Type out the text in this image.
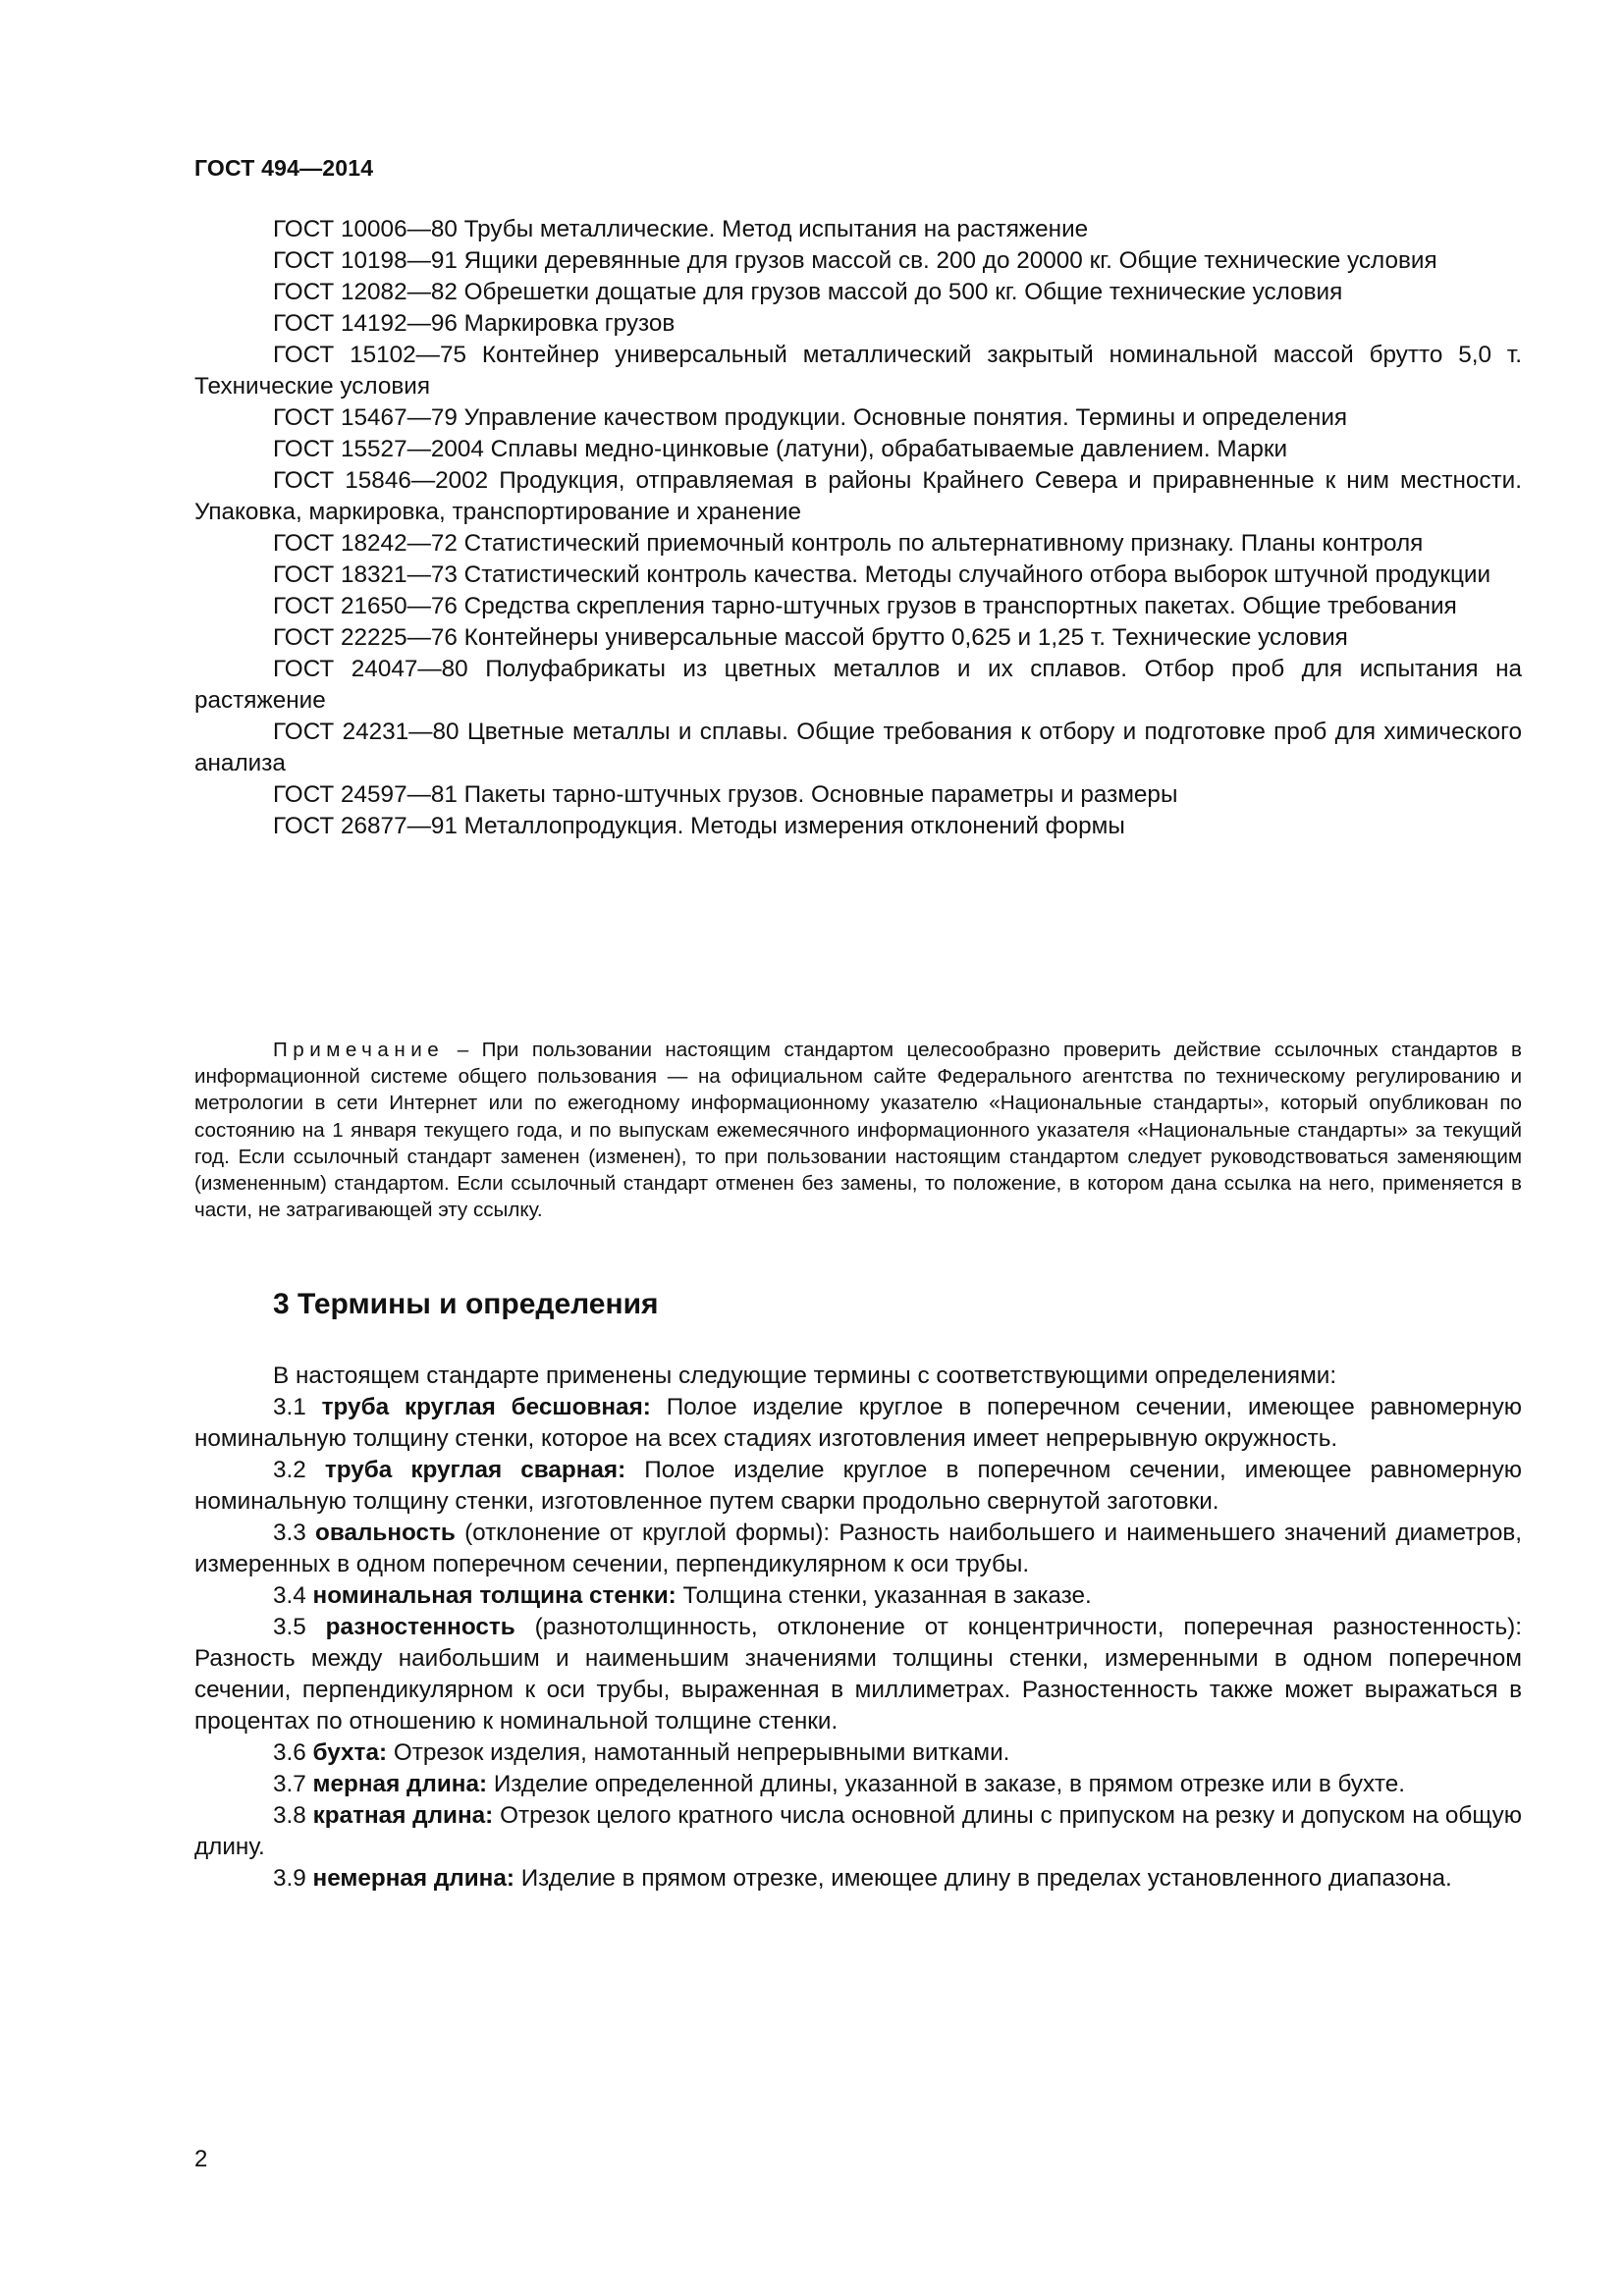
ГОСТ 494—2014

ГОСТ 10006—80 Трубы металлические. Метод испытания на растяжение

ГОСТ 10198—91 Ящики деревянные для грузов массой св. 200 до 20000 кг. Общие технические условия

ГОСТ 12082—82 Обрешетки дощатые для грузов массой до 500 кг. Общие технические условия

ГОСТ 14192—96 Маркировка грузов

ГОСТ 15102—75 Контейнер универсальный металлический закрытый номинальной массой брутто 5,0 т. Технические условия

ГОСТ 15467—79 Управление качеством продукции. Основные понятия. Термины и определения

ГОСТ 15527—2004 Сплавы медно-цинковые (латуни), обрабатываемые давлением. Марки

ГОСТ 15846—2002 Продукция, отправляемая в районы Крайнего Севера и приравненные к ним местности. Упаковка, маркировка, транспортирование и хранение

ГОСТ 18242—72 Статистический приемочный контроль по альтернативному признаку. Планы контроля

ГОСТ 18321—73 Статистический контроль качества. Методы случайного отбора выборок штучной продукции

ГОСТ 21650—76 Средства скрепления тарно-штучных грузов в транспортных пакетах. Общие требования

ГОСТ 22225—76 Контейнеры универсальные массой брутто 0,625 и 1,25 т. Технические условия

ГОСТ 24047—80 Полуфабрикаты из цветных металлов и их сплавов. Отбор проб для испытания на растяжение

ГОСТ 24231—80 Цветные металлы и сплавы. Общие требования к отбору и подготовке проб для химического анализа

ГОСТ 24597—81 Пакеты тарно-штучных грузов. Основные параметры и размеры

ГОСТ 26877—91 Металлопродукция. Методы измерения отклонений формы

Примечание – При пользовании настоящим стандартом целесообразно проверить действие ссылочных стандартов в информационной системе общего пользования — на официальном сайте Федерального агентства по техническому регулированию и метрологии в сети Интернет или по ежегодному информационному указателю «Национальные стандарты», который опубликован по состоянию на 1 января текущего года, и по выпускам ежемесячного информационного указателя «Национальные стандарты» за текущий год. Если ссылочный стандарт заменен (изменен), то при пользовании настоящим стандартом следует руководствоваться заменяющим (измененным) стандартом. Если ссылочный стандарт отменен без замены, то положение, в котором дана ссылка на него, применяется в части, не затрагивающей эту ссылку.
3 Термины и определения

В настоящем стандарте применены следующие термины с соответствующими определениями:

3.1 труба круглая бесшовная: Полое изделие круглое в поперечном сечении, имеющее равномерную номинальную толщину стенки, которое на всех стадиях изготовления имеет непрерывную окружность.

3.2 труба круглая сварная: Полое изделие круглое в поперечном сечении, имеющее равномерную номинальную толщину стенки, изготовленное путем сварки продольно свернутой заготовки.

3.3 овальность (отклонение от круглой формы): Разность наибольшего и наименьшего значений диаметров, измеренных в одном поперечном сечении, перпендикулярном к оси трубы.

3.4 номинальная толщина стенки: Толщина стенки, указанная в заказе.

3.5 разностенность (разнотолщинность, отклонение от концентричности, поперечная разностенность): Разность между наибольшим и наименьшим значениями толщины стенки, измеренными в одном поперечном сечении, перпендикулярном к оси трубы, выраженная в миллиметрах. Разностенность также может выражаться в процентах по отношению к номинальной толщине стенки.

3.6 бухта: Отрезок изделия, намотанный непрерывными витками.

3.7 мерная длина: Изделие определенной длины, указанной в заказе, в прямом отрезке или в бухте.

3.8 кратная длина: Отрезок целого кратного числа основной длины с припуском на резку и допуском на общую длину.

3.9 немерная длина: Изделие в прямом отрезке, имеющее длину в пределах установленного диапазона.

2
